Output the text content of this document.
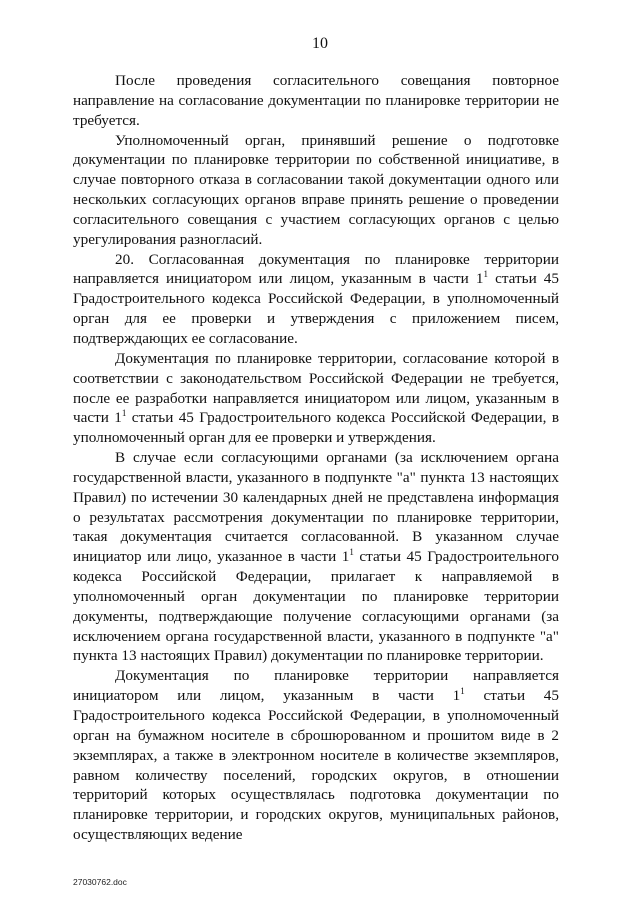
10

После проведения согласительного совещания повторное направление на согласование документации по планировке территории не требуется.

Уполномоченный орган, принявший решение о подготовке документации по планировке территории по собственной инициативе, в случае повторного отказа в согласовании такой документации одного или нескольких согласующих органов вправе принять решение о проведении согласительного совещания с участием согласующих органов с целью урегулирования разногласий.

20. Согласованная документация по планировке территории направляется инициатором или лицом, указанным в части $1^1$ статьи 45 Градостроительного кодекса Российской Федерации, в уполномоченный орган для ее проверки и утверждения с приложением писем, подтверждающих ее согласование.

Документация по планировке территории, согласование которой в соответствии с законодательством Российской Федерации не требуется, после ее разработки направляется инициатором или лицом, указанным в части $1^1$ статьи 45 Градостроительного кодекса Российской Федерации, в уполномоченный орган для ее проверки и утверждения.

В случае если согласующими органами (за исключением органа государственной власти, указанного в подпункте "а" пункта 13 настоящих Правил) по истечении 30 календарных дней не представлена информация о результатах рассмотрения документации по планировке территории, такая документация считается согласованной. В указанном случае инициатор или лицо, указанное в части $1^1$ статьи 45 Градостроительного кодекса Российской Федерации, прилагает к направляемой в уполномоченный орган документации по планировке территории документы, подтверждающие получение согласующими органами (за исключением органа государственной власти, указанного в подпункте "а" пункта 13 настоящих Правил) документации по планировке территории.

Документация по планировке территории направляется инициатором или лицом, указанным в части $1^1$ статьи 45 Градостроительного кодекса Российской Федерации, в уполномоченный орган на бумажном носителе в сброшюрованном и прошитом виде в 2 экземплярах, а также в электронном носителе в количестве экземпляров, равном количеству поселений, городских округов, в отношении территорий которых осуществлялась подготовка документации по планировке территории, и городских округов, муниципальных районов, осуществляющих ведение

27030762.doc
